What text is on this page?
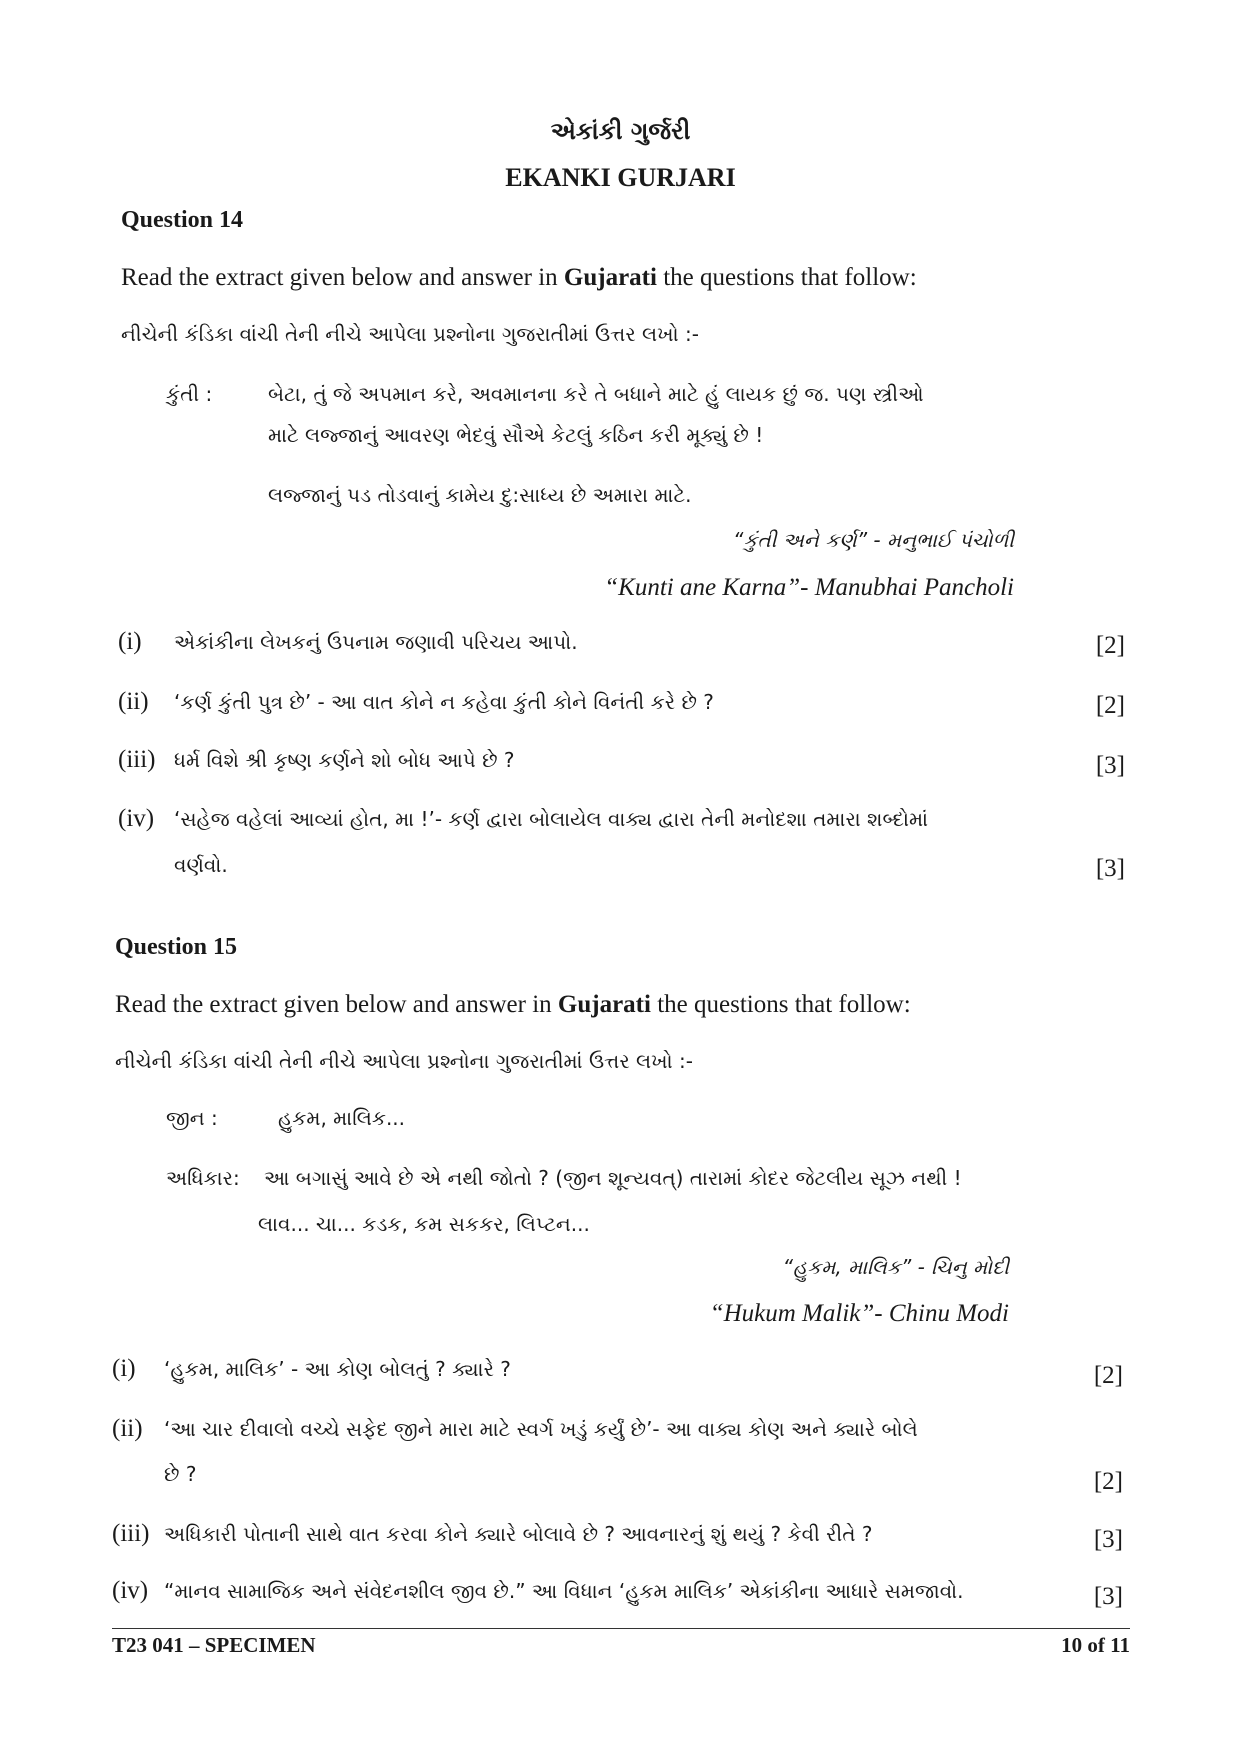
એકાંકી ગુર્જરી
EKANKI GURJARI
Question 14
Read the extract given below and answer in Gujarati the questions that follow:
નીચેની કંડિકા વાંચી તેની નીચે આપેલા પ્રશ્નોના ગુજરાતીમાં ઉત્તર લખો :-
કુંતી :	બેટા, તું જે અપમાન કરે, અવમાનના કરે તે બધાને માટે હું લાયક છું જ. પણ સ્ત્રીઓ
માટે લજ્જાનું આવરણ ભેદવું સૌએ કેટલું કઠિન કરી મૂક્યું છે !
લજ્જાનું પડ તોડવાનું કામેય દુ:સાધ્ય છે અમારા માટે.
“કુંતી અને કર્ણ” - મનુભાઈ પંચોળી
“Kunti ane Karna”- Manubhai Pancholi
(i) એકાંકીના લેખકનું ઉપનામ જણાવી પરિચય આપો.	[2]
(ii) ‘કર્ણ કુંતી પુત્ર છે’ - આ વાત કોને ન કહેવા કુંતી કોને વિનંતી કરે છે ?	[2]
(iii) ધર્મ વિશે શ્રી કૃષ્ણ કર્ણને શો બોધ આપે છે ?	[3]
(iv) ‘સહેજ વહેલાં આવ્યાં હોત, મા !’- કર્ણ દ્વારા બોલાયેલ વાક્ય દ્વારા તેની મનોદશા તમારા શબ્દોમાં
વર્ણવો.	[3]
Question 15
Read the extract given below and answer in Gujarati the questions that follow:
નીચેની કંડિકા વાંચી તેની નીચે આપેલા પ્રશ્નોના ગુજરાતીમાં ઉત્તર લખો :-
જીન :	હુકમ, માલિક...
અધિકાર: આ બગાસું આવે છે એ નથી જોતો ? (જીન શૂન્યવત્) તારામાં કોદર જેટલીય સૂઝ નથી !
લાવ... ચા... કડક, કમ સકકર, લિપ્ટન...
“હુકમ, માલિક” - ચિનુ મોદી
“Hukum Malik”- Chinu Modi
(i) ‘હુકમ, માલિક’ - આ કોણ બોલતું ? ક્યારે ?	[2]
(ii) ‘આ ચાર દીવાલો વચ્ચે સફેદ જીને મારા માટે સ્વર્ગ ખડું કર્યું છે’- આ વાક્ય કોણ અને ક્યારે બોલે
છે ?	[2]
(iii) અધિકારી પોતાની સાથે વાત કરવા કોને ક્યારે બોલાવે છે ? આવનારનું શું થયું ? કેવી રીતે ?	[3]
(iv) “માનવ સામાજિક અને સંવેદનશીલ જીવ છે.” આ વિધાન ‘હુકમ માલિક’ એકાંકીના આધારે સમજાવો.	[3]
T23 041 – SPECIMEN	10 of 11
